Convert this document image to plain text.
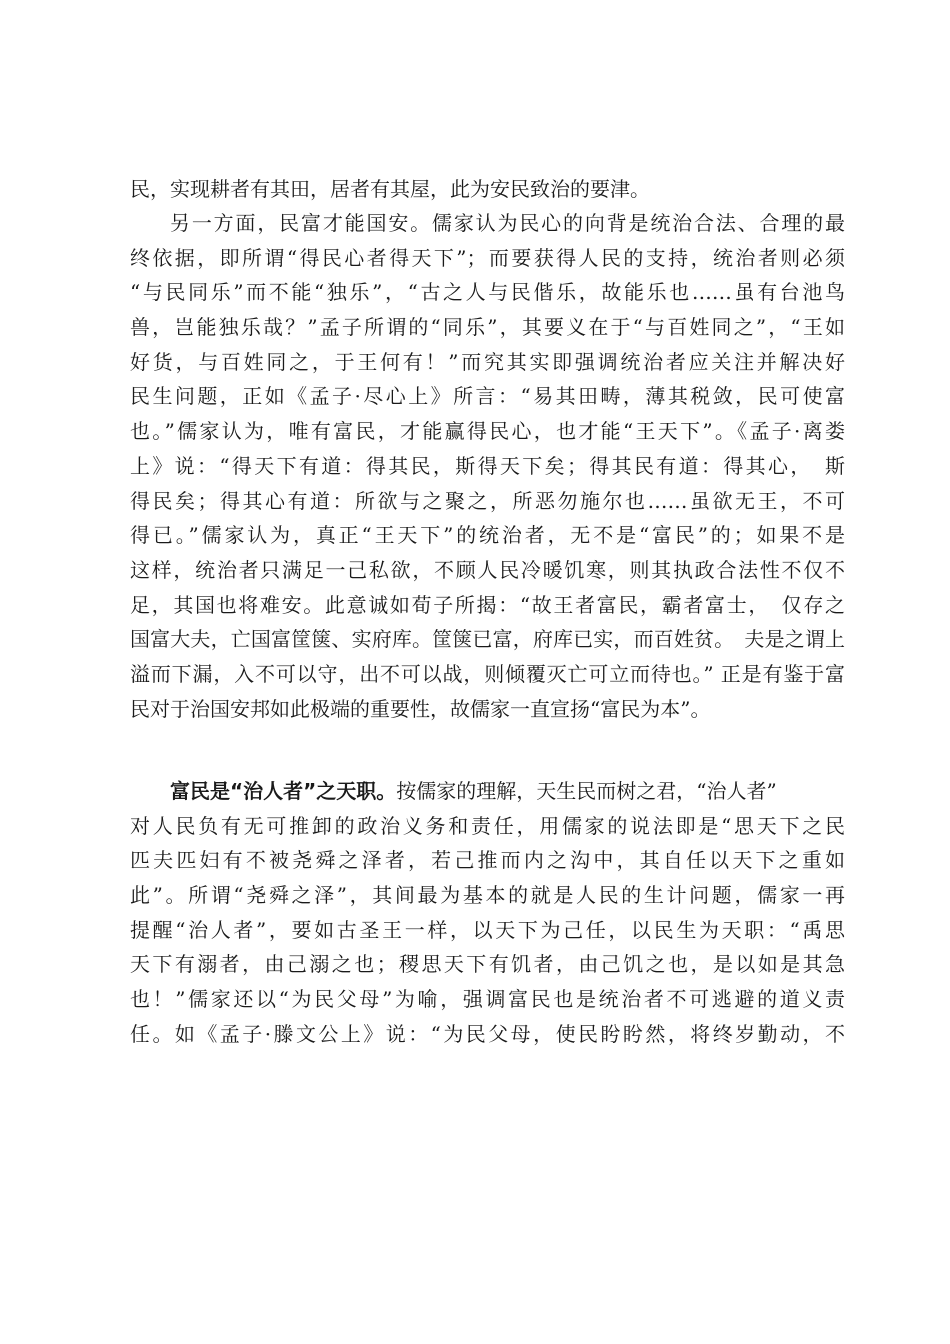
民，实现耕者有其田，居者有其屋，此为安民致治的要津。
另一方面，民富才能国安。儒家认为民心的向背是统治合法、合理的最
终依据，即所谓“得民心者得天下”；而要获得人民的支持，统治者则必须
“与民同乐”而不能“独乐”，“古之人与民偕乐，故能乐也……虽有台池鸟
兽，岂能独乐哉？”孟子所谓的“同乐”，其要义在于“与百姓同之”，“王如
好货，与百姓同之，于王何有！”而究其实即强调统治者应关注并解决好
民生问题，正如《孟子·尽心上》所言：“易其田畴，薄其税敛，民可使富
也。”儒家认为，唯有富民，才能赢得民心，也才能“王天下”。《孟子·离娄
上》说：“得天下有道：得其民，斯得天下矣；得其民有道：得其心，　斯
得民矣；得其心有道：所欲与之聚之，所恶勿施尔也……虽欲无王，不可
得已。”儒家认为，真正“王天下”的统治者，无不是“富民”的；如果不是
这样，统治者只满足一己私欲，不顾人民冷暖饥寒，则其执政合法性不仅不
足，其国也将难安。此意诚如荀子所揭：“故王者富民，霸者富士，　仅存之
国富大夫，亡国富筐箧、实府库。筐箧已富，府库已实，而百姓贫。　夫是之谓上
溢而下漏，入不可以守，出不可以战，则倾覆灭亡可立而待也。” 正是有鉴于富
民对于治国安邦如此极端的重要性，故儒家一直宣扬“富民为本”。
富民是“治人者”之天职。按儒家的理解，天生民而树之君，“治人者”
对人民负有无可推卸的政治义务和责任，用儒家的说法即是“思天下之民
匹夫匹妇有不被尧舜之泽者，若己推而内之沟中，其自任以天下之重如
此”。所谓“尧舜之泽”，其间最为基本的就是人民的生计问题，儒家一再
提醒“治人者”，要如古圣王一样，以天下为己任，以民生为天职：“禹思
天下有溺者，由己溺之也；稷思天下有饥者，由己饥之也，是以如是其急
也！”儒家还以“为民父母”为喻，强调富民也是统治者不可逃避的道义责
任。如《孟子·滕文公上》说：“为民父母，使民盻盻然，将终岁勤动，不
